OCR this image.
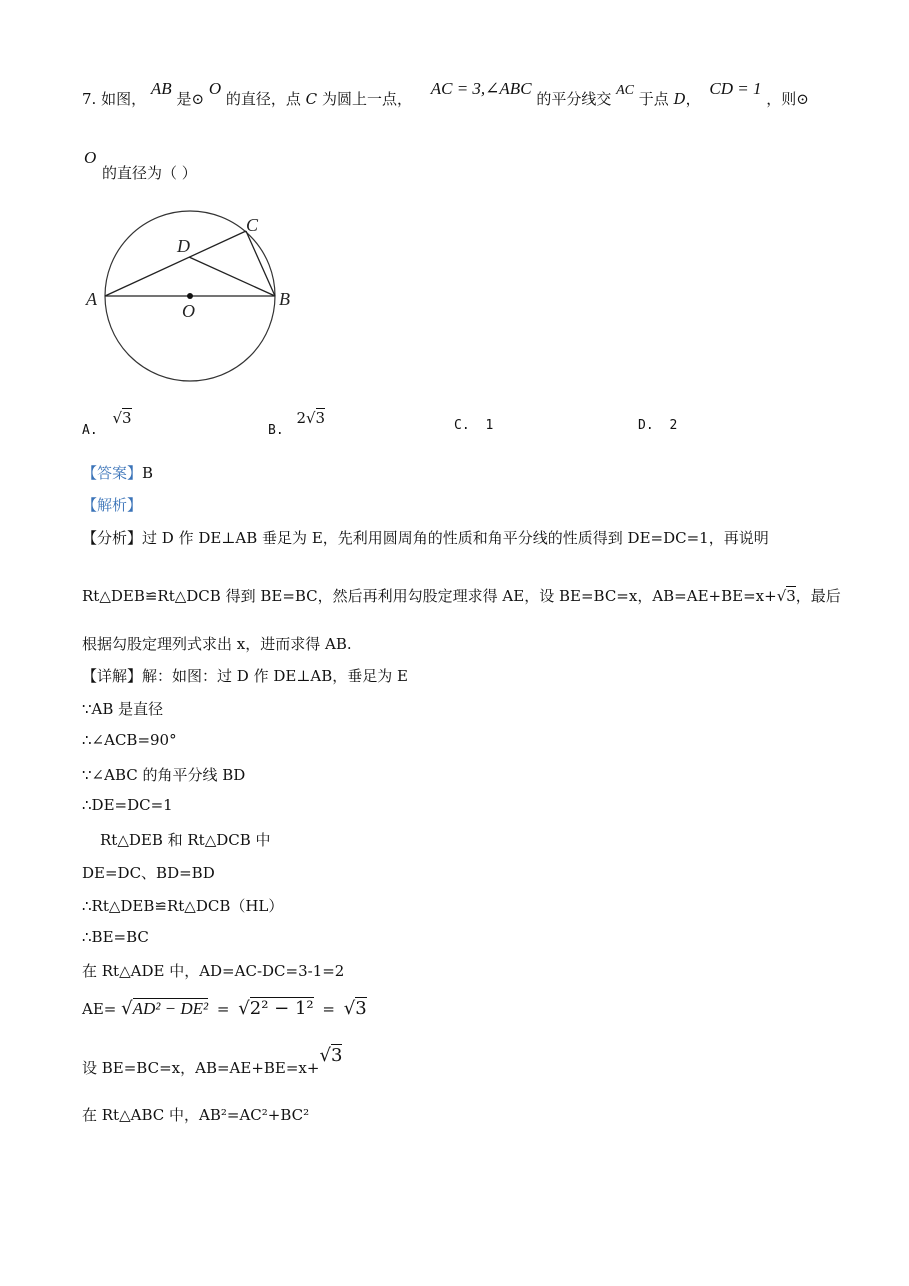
7. 如图， AB 是⊙ O 的直径，点 C 为圆上一点， AC = 3,∠ABC 的平分线交 AC 于点 D， CD = 1 ，则⊙
O
的直径为（ ）
A	B
C
D
O
A. √3
B. 2√3	C. 1	D. 2
【答案】B
【解析】
【分析】过 D 作 DE⊥AB 垂足为 E，先利用圆周角的性质和角平分线的性质得到 DE=DC=1，再说明
Rt△DEB≌Rt△DCB 得到 BE=BC，然后再利用勾股定理求得 AE，设 BE=BC=x，AB=AE+BE=x+√3，最后
根据勾股定理列式求出 x，进而求得 AB.
【详解】解：如图：过 D 作 DE⊥AB，垂足为 E
∵AB 是直径
∴∠ACB=90°
∵∠ABC 的角平分线 BD
∴DE=DC=1
Rt△DEB 和 Rt△DCB 中
DE=DC、BD=BD
∴Rt△DEB≌Rt△DCB（HL）
∴BE=BC
在 Rt△ADE 中，AD=AC-DC=3-1=2
AE= √AD² − DE² = √2² − 1² = √3
设 BE=BC=x，AB=AE+BE=x+√3
在 Rt△ABC 中，AB²=AC²+BC²
